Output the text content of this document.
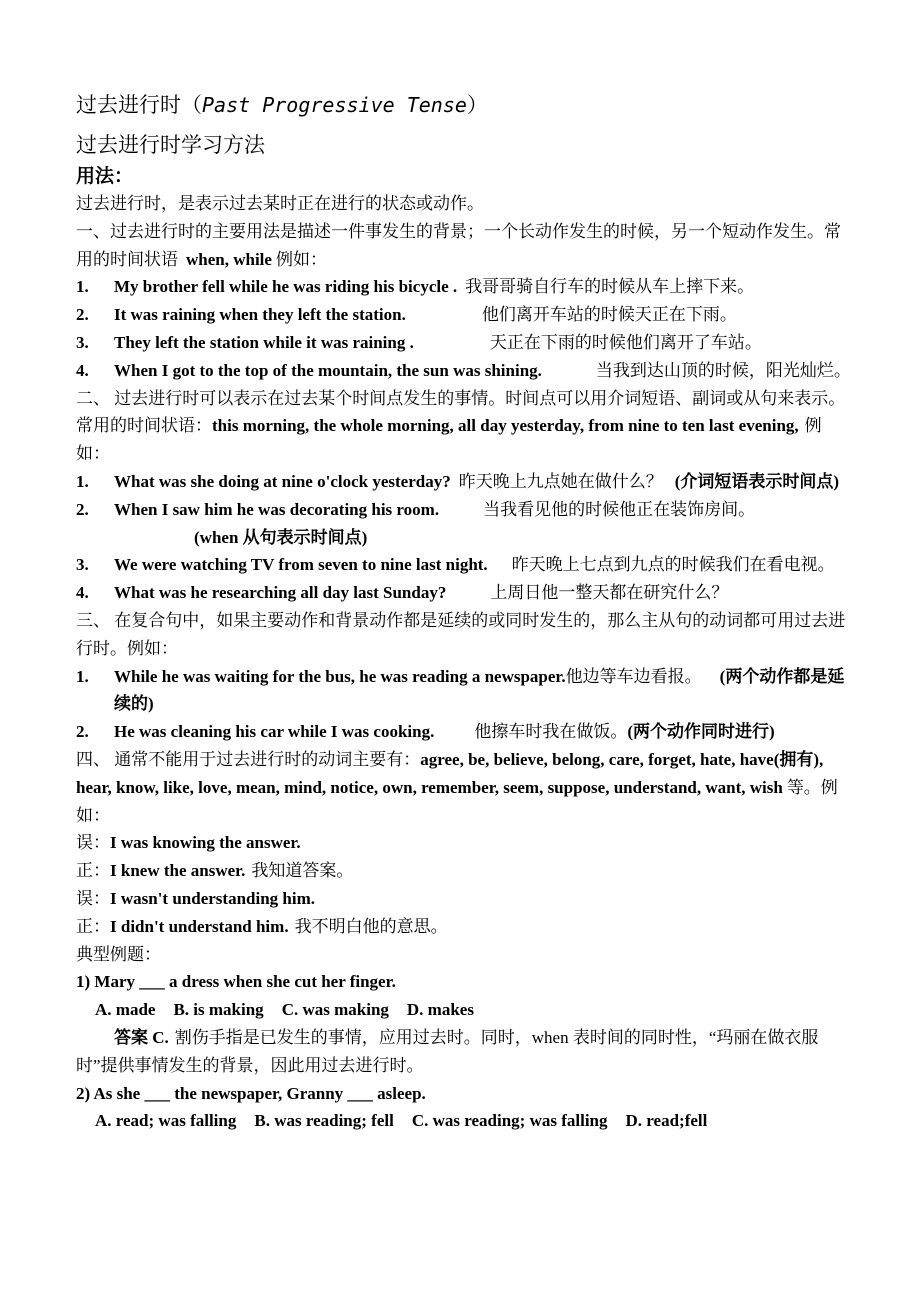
过去进行时（Past Progressive Tense）
过去进行时学习方法
用法：
过去进行时，是表示过去某时正在进行的状态或动作。
一、过去进行时的主要用法是描述一件事发生的背景；一个长动作发生的时候，另一个短动作发生。常用的时间状语 when, while 例如：
1.	My brother fell while he was riding his bicycle . 我哥哥骑自行车的时候从车上摔下来。
2.	It was raining when they left the station.	他们离开车站的时候天正在下雨。
3.	They left the station while it was raining .	天正在下雨的时候他们离开了车站。
4.	When I got to the top of the mountain, the sun was shining.	当我到达山顶的时候，阳光灿烂。
二、 过去进行时可以表示在过去某个时间点发生的事情。时间点可以用介词短语、副词或从句来表示。常用的时间状语：this morning, the whole morning, all day yesterday, from nine to ten last evening, 例如：
1.	What was she doing at nine o'clock yesterday? 昨天晚上九点她在做什么？ (介词短语表示时间点)
2.	When I saw him he was decorating his room.	当我看见他的时候他正在装饰房间。(when 从句表示时间点)
3.	We were watching TV from seven to nine last night. 昨天晚上七点到九点的时候我们在看电视。
4.	What was he researching all day last Sunday?	上周日他一整天都在研究什么？
三、 在复合句中，如果主要动作和背景动作都是延续的或同时发生的，那么主从句的动词都可用过去进行时。例如：
1.	While he was waiting for the bus, he was reading a newspaper.他边等车边看报。 (两个动作都是延续的)
2.	He was cleaning his car while I was cooking. 他擦车时我在做饭。(两个动作同时进行)
四、 通常不能用于过去进行时的动词主要有：agree, be, believe, belong, care, forget, hate, have(拥有), hear, know, like, love, mean, mind, notice, own, remember, seem, suppose, understand, want, wish 等。例如：
误：I was knowing the answer.
正：I knew the answer. 我知道答案。
误：I wasn't understanding him.
正：I didn't understand him. 我不明白他的意思。
典型例题：
1) Mary ___ a dress when she cut her finger.
A. made B. is making C. was making D. makes
答案 C. 割伤手指是已发生的事情，应用过去时。同时，when 表时间的同时性，“玛丽在做衣服时”提供事情发生的背景，因此用过去进行时。
2) As she ___ the newspaper, Granny ___ asleep.
A. read; was falling B. was reading; fell C. was reading; was falling D. read;fell
